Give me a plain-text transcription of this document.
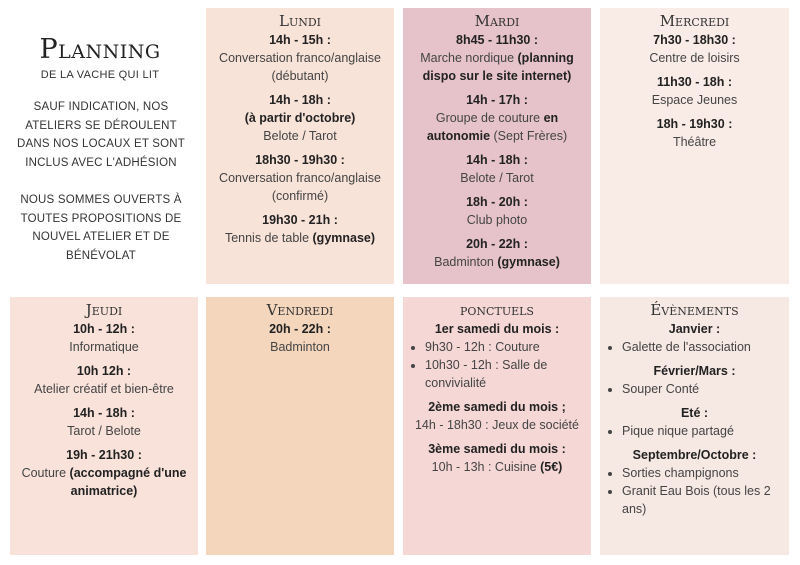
Planning
DE LA VACHE QUI LIT
SAUF INDICATION, NOS
ATELIERS SE DÉROULENT
DANS NOS LOCAUX ET SONT
INCLUS AVEC L'ADHÉSION
NOUS SOMMES OUVERTS À
TOUTES PROPOSITIONS DE
NOUVEL ATELIER ET DE
BÉNÉVOLAT
Lundi
14h - 15h :
Conversation franco/anglaise
(débutant)
14h - 18h :
(à partir d'octobre)
Belote / Tarot
18h30 - 19h30 :
Conversation franco/anglaise
(confirmé)
19h30 - 21h :
Tennis de table (gymnase)
Mardi
8h45 - 11h30 :
Marche nordique (planning
dispo sur le site internet)
14h - 17h :
Groupe de couture en
autonomie (Sept Frères)
14h - 18h :
Belote / Tarot
18h - 20h :
Club photo
20h - 22h :
Badminton (gymnase)
Mercredi
7h30 - 18h30 :
Centre de loisirs
11h30 - 18h :
Espace Jeunes
18h - 19h30 :
Théâtre
Jeudi
10h - 12h :
Informatique
10h 12h :
Atelier créatif et bien-être
14h - 18h :
Tarot / Belote
19h - 21h30 :
Couture (accompagné d'une
animatrice)
Vendredi
20h - 22h :
Badminton
ponctuels
1er samedi du mois :
• 9h30 - 12h : Couture
• 10h30 - 12h : Salle de convivialité
2ème samedi du mois ;
14h - 18h30 : Jeux de société
3ème samedi du mois :
10h - 13h : Cuisine (5€)
Évènements
Janvier :
• Galette de l'association
Février/Mars :
• Souper Conté
Eté :
• Pique nique partagé
Septembre/Octobre :
• Sorties champignons
• Granit Eau Bois (tous les 2 ans)
